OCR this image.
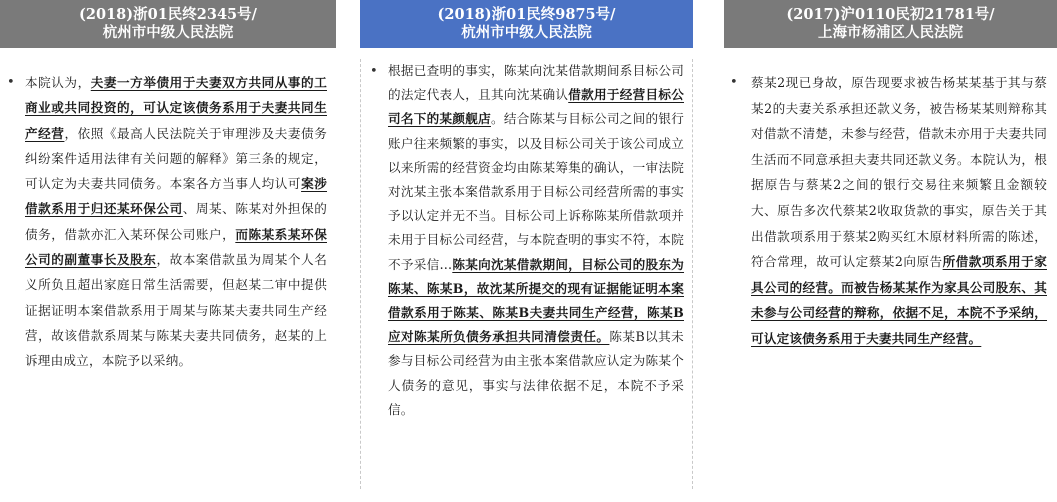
(2018)浙01民终2345号/
杭州市中级人民法院
• 本院认为，夫妻一方举债用于夫妻双方共同从事的工商业或共同投资的，可认定该债务系用于夫妻共同生产经营，依照《最高人民法院关于审理涉及夫妻债务纠纷案件适用法律有关问题的解释》第三条的规定，可认定为夫妻共同债务。本案各方当事人均认可案涉借款系用于归还某环保公司、周某、陈某对外担保的债务，借款亦汇入某环保公司账户，而陈某系某环保公司的副董事长及股东，故本案借款虽为周某个人名义所负且超出家庭日常生活需要，但赵某二审中提供证据证明本案借款系用于周某与陈某夫妻共同生产经营，故该借款系周某与陈某夫妻共同债务，赵某的上诉理由成立，本院予以采纳。
(2018)浙01民终9875号/
杭州市中级人民法院
• 根据已查明的事实，陈某向沈某借款期间系目标公司的法定代表人，且其向沈某确认借款用于经营目标公司名下的某颜舰店。结合陈某与目标公司之间的银行账户往来频繁的事实，以及目标公司关于该公司成立以来所需的经营资金均由陈某筹集的确认，一审法院对沈某主张本案借款系用于目标公司经营所需的事实予以认定并无不当。目标公司上诉称陈某所借款项并未用于目标公司经营，与本院查明的事实不符，本院不予采信…陈某向沈某借款期间，目标公司的股东为陈某、陈某B，故沈某所提交的现有证据能证明本案借款系用于陈某、陈某B夫妻共同生产经营，陈某B应对陈某所负债务承担共同清偿责任。陈某B以其未参与目标公司经营为由主张本案借款应认定为陈某个人债务的意见，事实与法律依据不足，本院不予采信。
(2017)沪0110民初21781号/
上海市杨浦区人民法院
•	蔡某2现已身故，原告现要求被告杨某某基于其与蔡某2的夫妻关系承担还款义务，被告杨某某则辩称其对借款不清楚，未参与经营，借款未亦用于夫妻共同生活而不同意承担夫妻共同还款义务。本院认为，根据原告与蔡某2之间的银行交易往来频繁且金额较大、原告多次代蔡某2收取货款的事实，原告关于其出借款项系用于蔡某2购买红木原材料所需的陈述，符合常理，故可认定蔡某2向原告所借款项系用于家具公司的经营。而被告杨某某作为家具公司股东、其未参与公司经营的辩称，依据不足，本院不予采纳，可认定该债务系用于夫妻共同生产经营。
